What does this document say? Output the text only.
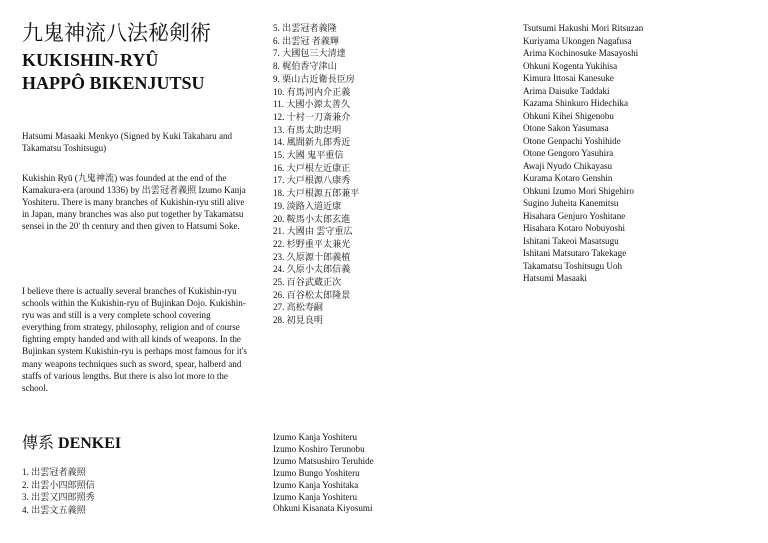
九鬼神流八法秘剣術
KUKISHIN-RYÛ
HAPPÔ BIKENJUTSU
Hatsumi Masaaki Menkyo (Signed by Kuki Takaharu and Takamatsu Toshitsugu)
Kukishin Ryū (九鬼神流) was founded at the end of the Kamakura-era (around 1336) by 出雲冠者義照 Izumo Kanja Yoshiteru. There is many branches of Kukishin-ryu still alive in Japan, many branches was also put together by Takamatsu sensei in the 20' th century and then given to Hatsumi Soke.
I believe there is actually several branches of Kukishin-ryu schools within the Kukishin-ryu of Bujinkan Dojo. Kukishin-ryu was and still is a very complete school covering everything from strategy, philosophy, religion and of course fighting empty handed and with all kinds of weapons. In the Bujinkan system Kukishin-ryu is perhaps most famous for it's many weapons techniques such as sword, spear, halberd and staffs of various lengths. But there is also lot more to the school.
傳系 DENKEI
1. 出雲冠者義照
2. 出雲小四郎照信
3. 出雲又四郎照秀
4. 出雲文五義照
5. 出雲冠者義隆
6. 出雲冠 者義輝
7. 大國包三大清達
8. 梶伯香守津山
9. 栗山古近衛長臣房
10. 有馬河内介正義
11. 大國小源太善久
12. 十村一刀斎兼介
13. 有馬太助忠明
14. 風間新九郎秀近
15. 大國 鬼平重信
16. 大戸根左近康正
17. 大戸根源八康秀
18. 大戸根源五郎兼平
19. 淡路入道近康
20. 鞍馬小太郎玄進
21. 大國由 雲守重広
22. 杉野重平太兼光
23. 久原源十郎義植
24. 久原小太郎信義
25. 百谷武蔵正次
26. 百谷松太郎隆景
27. 高松寿嗣
28. 初見良明
Izumo Kanja Yoshiteru
Izumo Koshiro Terunobu
Izumo Matsushiro Teruhide
Izumo Bungo Yoshiteru
Izumo Kanja Yoshitaka
Izumo Kanja Yoshiteru
Ohkuni Kisanata Kiyosumi
Tsutsumi Hakushi Mori Ritsuzan
Kuriyama Ukongen Nagafusa
Arima Kochinosuke Masayoshi
Ohkuni Kogenta Yukihisa
Kimura Ittosai Kanesuke
Arima Daisuke Taddaki
Kazama Shinkuro Hidechika
Ohkuni Kihei Shigenobu
Otone Sakon Yasumasa
Otone Genpachi Yoshihide
Otone Gengoro Yasuhira
Awaji Nyudo Chikayasu
Kurama Kotaro Genshin
Ohkuni Izumo Mori Shigehiro
Sugino Juheita Kanemitsu
Hisahara Genjuro Yoshitane
Hisahara Kotaro Nobuyoshi
Ishitani Takeoi Masatsugu
Ishitani Matsutaro Takekage
Takamatsu Toshitsugu Uoh
Hatsumi Masaaki
